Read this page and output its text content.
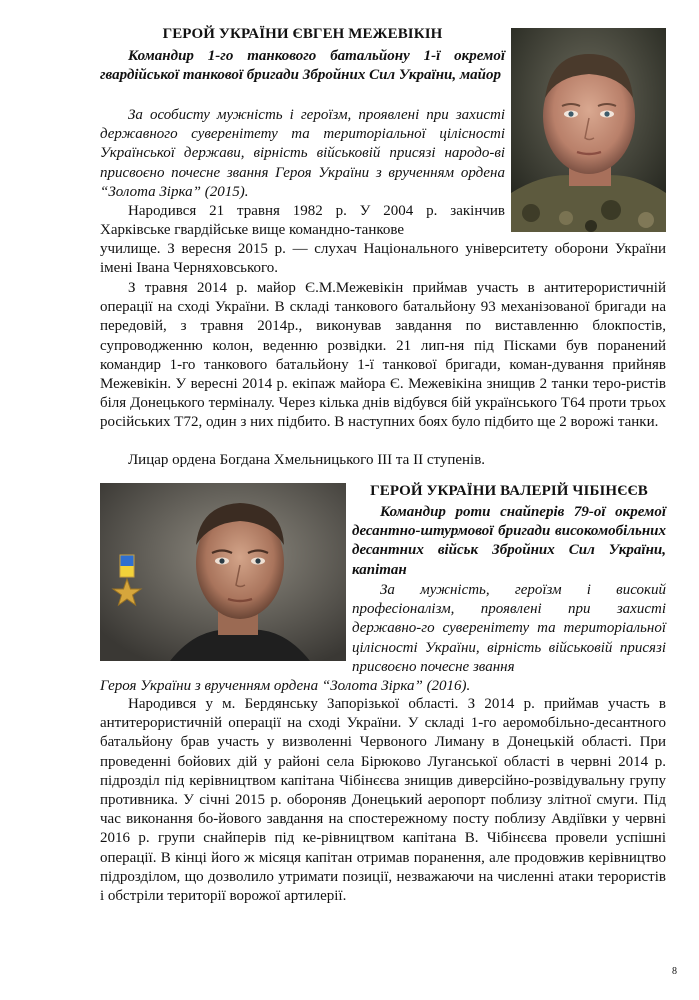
ГЕРОЙ УКРАЇНИ ЄВГЕН МЕЖЕВІКІН
Командир 1-го танкового батальйону 1-ї окремої гвардійської танкової бригади Збройних Сил України, майор
За особисту мужність і героїзм, проявлені при захисті державного суверенітету та територіальної цілісності Української держави, вірність військовій присязі народо-ві присвоєно почесне звання Героя України з врученням ордена “Золота Зірка” (2015).

Народився 21 травня 1982 р. У 2004 р. закінчив Харківське гвардійське вище командно-танкове

училище. З вересня 2015 р. — слухач Національного університету оборони України імені Івана Черняховського.

З травня 2014 р. майор Є.М.Межевікін приймав участь в антитерористичній операції на сході України. В складі танкового батальйону 93 механізованої бригади на передовій, з травня 2014р., виконував завдання по виставленню блокпостів, супроводженню колон, веденню розвідки. 21 лип-ня під Пісками був поранений командир 1-го танкового батальйону 1-ї танкової бригади, коман-дування прийняв Межевікін. У вересні 2014 р. екіпаж майора Є. Межевікіна знищив 2 танки теро-ристів біля Донецького терміналу. Через кілька днів відбувся бій українського Т64 проти трьох російських Т72, один з них підбито. В наступних боях було підбито ще 2 ворожі танки.

Лицар ордена Богдана Хмельницького ІІІ та ІІ ступенів.

ГЕРОЙ УКРАЇНИ ВАЛЕРІЙ ЧІБІНЄЄВ
Командир роти снайперів 79-ої окремої десантно-штурмової бригади високомобільних десантних військ Збройних Сил України, капітан
За мужність, героїзм і високий професіоналізм, проявлені при захисті державно-го суверенітету та територіальної цілісності України, вірність військовій присязі присвоєно почесне звання
Героя України з врученням ордена “Золота Зірка” (2016).

Народився у м. Бердянську Запорізької області. З 2014 р. приймав участь в антитерористичній операції на сході України. У складі 1-го аеромобільно-десантного батальйону брав участь у визволенні Червоного Лиману в Донецькій області. При проведенні бойових дій у районі села Бірюково Луганської області в червні 2014 р. підрозділ під керівництвом капітана Чібінєєва знищив диверсійно-розвідувальну групу противника. У січні 2015 р. обороняв Донецький аеропорт поблизу злітної смуги. Під час виконання бо-йового завдання на спостережному посту поблизу Авдіївки у червні 2016 р. групи снайперів під ке-рівництвом капітана В. Чібінєєва провели успішні операції. В кінці його ж місяця капітан отримав поранення, але продовжив керівництво підрозділом, що дозволило утримати позиції, незважаючи на численні атаки терористів і обстріли території ворожої артилерії.

8
